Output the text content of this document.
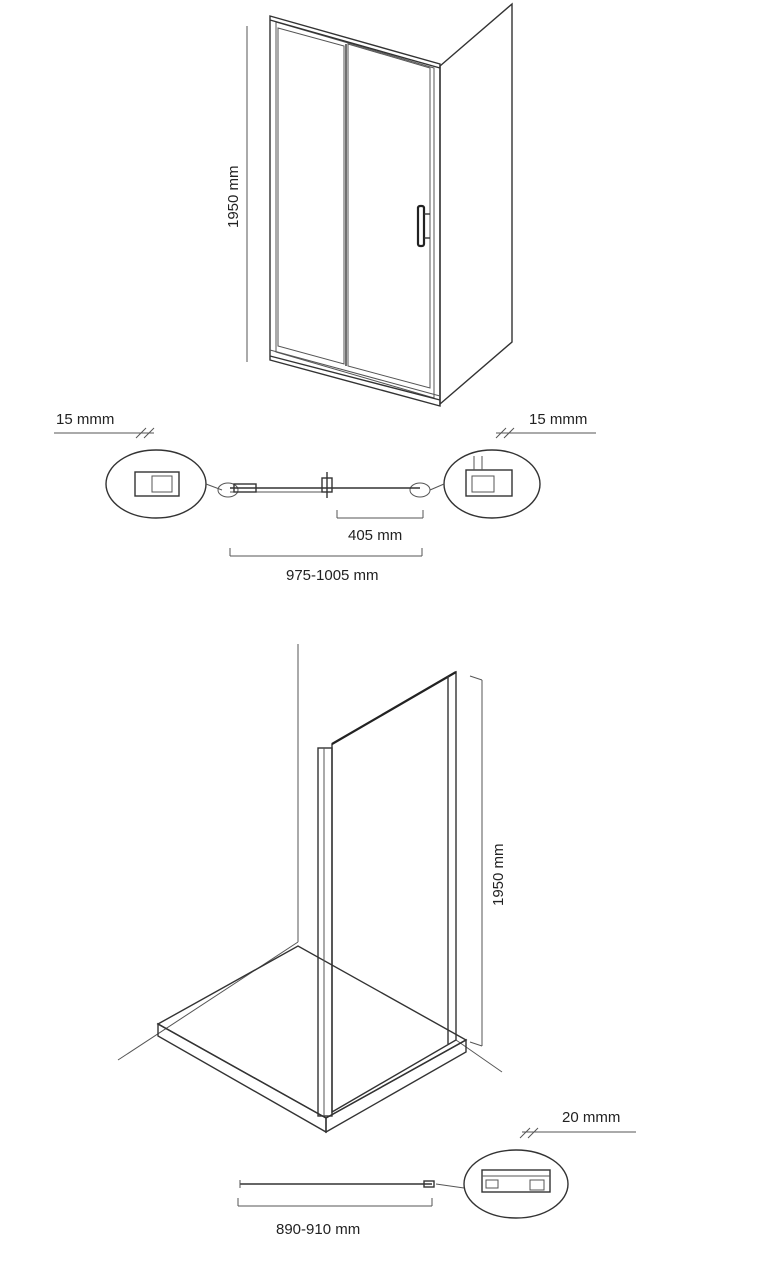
1950 mm
15 mmm	15 mmm
405 mm
975-1005 mm
1950 mm
20 mmm
890-910 mm
